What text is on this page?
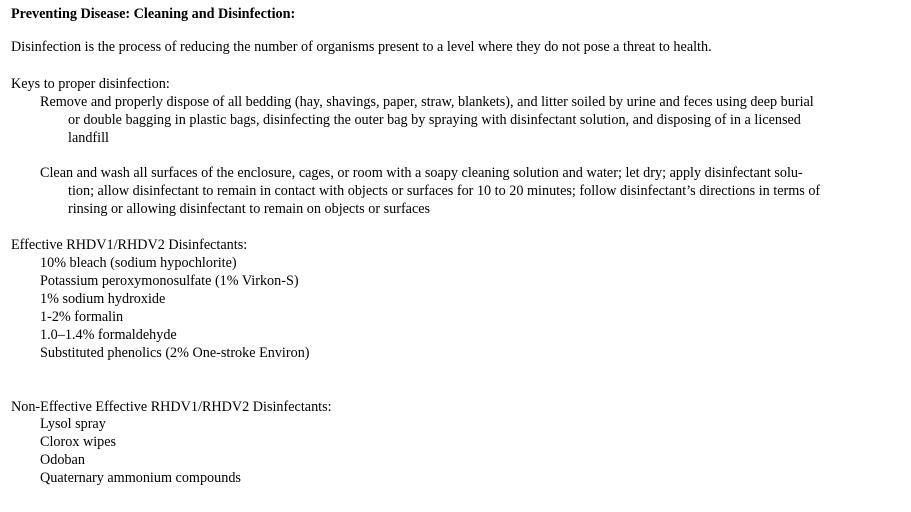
Preventing Disease: Cleaning and Disinfection:
Disinfection is the process of reducing the number of organisms present to a level where they do not pose a threat to health.
Keys to proper disinfection:
Remove and properly dispose of all bedding (hay, shavings, paper, straw, blankets), and litter soiled by urine and feces using deep burial
or double bagging in plastic bags, disinfecting the outer bag by spraying with disinfectant solution, and disposing of in a licensed
landfill
Clean and wash all surfaces of the enclosure, cages, or room with a soapy cleaning solution and water; let dry; apply disinfectant solu-
tion; allow disinfectant to remain in contact with objects or surfaces for 10 to 20 minutes; follow disinfectant’s directions in terms of
rinsing or allowing disinfectant to remain on objects or surfaces
Effective RHDV1/RHDV2 Disinfectants:
10% bleach (sodium hypochlorite)
Potassium peroxymonosulfate (1% Virkon-S)
1% sodium hydroxide
1-2% formalin
1.0–1.4% formaldehyde
Substituted phenolics (2% One-stroke Environ)
Non-Effective Effective RHDV1/RHDV2 Disinfectants:
Lysol spray
Clorox wipes
Odoban
Quaternary ammonium compounds
